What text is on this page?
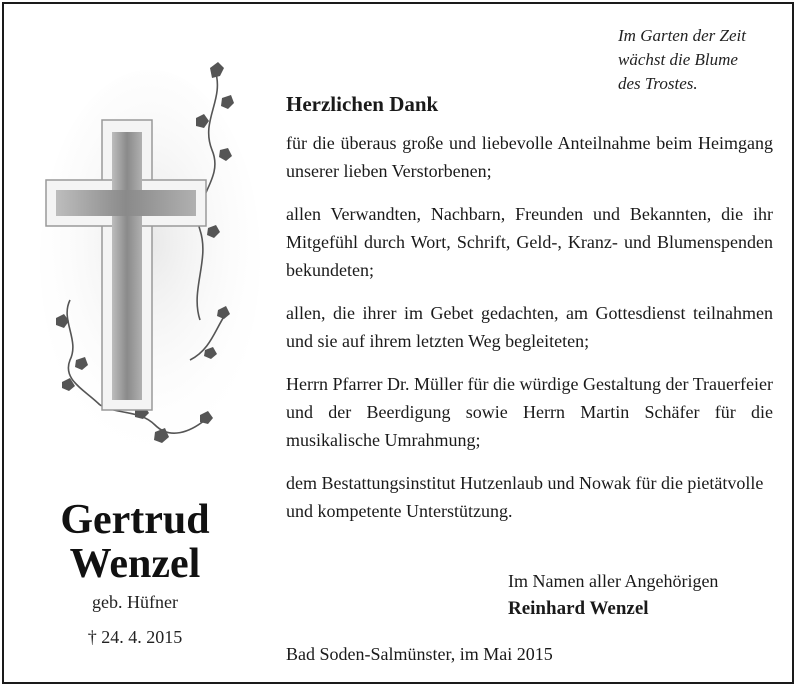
Im Garten der Zeit
wächst die Blume
des Trostes.
Gertrud
Wenzel
geb. Hüfner
† 24. 4. 2015
Herzlichen Dank

für die überaus große und liebevolle Anteilnahme beim Heimgang unserer lieben Verstorbenen;

allen Verwandten, Nachbarn, Freunden und Bekannten, die ihr Mitgefühl durch Wort, Schrift, Geld-, Kranz- und Blumenspenden bekundeten;

allen, die ihrer im Gebet gedachten, am Gottesdienst teilnahmen und sie auf ihrem letzten Weg begleiteten;

Herrn Pfarrer Dr. Müller für die würdige Gestaltung der Trauerfeier und der Beerdigung sowie Herrn Martin Schäfer für die musikalische Umrahmung;

dem Bestattungsinstitut Hutzenlaub und Nowak für die pietätvolle und kompetente Unterstützung.

Im Namen aller Angehörigen
Reinhard Wenzel
Bad Soden-Salmünster, im Mai 2015
